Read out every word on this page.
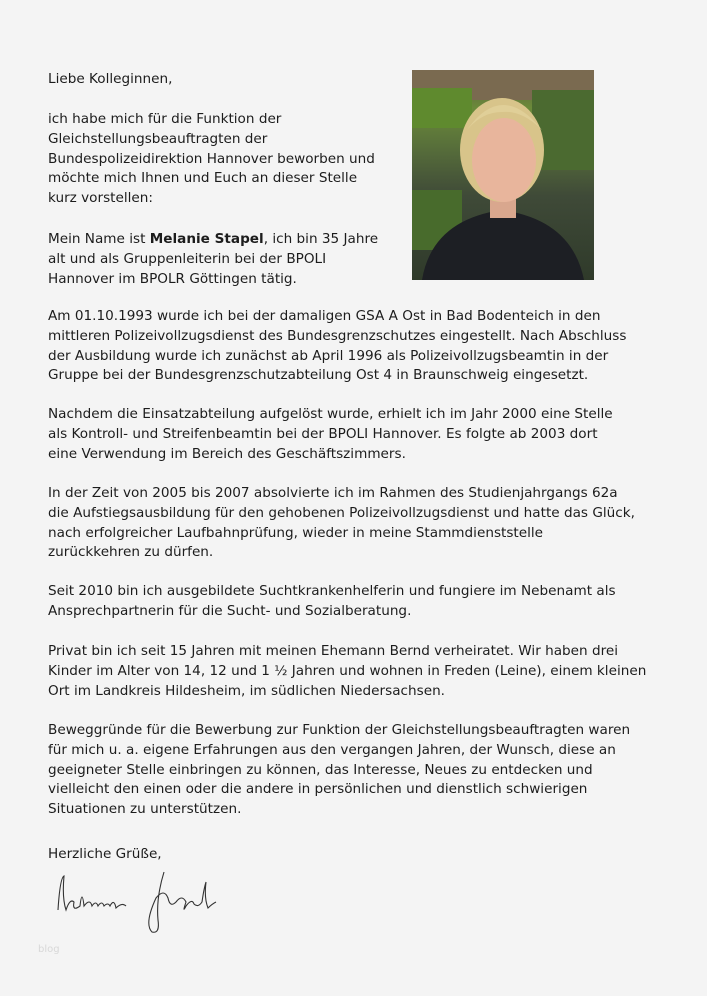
Liebe Kolleginnen,
ich habe mich für die Funktion der
Gleichstellungsbeauftragten der
Bundespolizeidirektion Hannover beworben und
möchte mich Ihnen und Euch an dieser Stelle
kurz vorstellen:
Mein Name ist Melanie Stapel, ich bin 35 Jahre
alt und als Gruppenleiterin bei der BPOLI
Hannover im BPOLR Göttingen tätig.
Am 01.10.1993 wurde ich bei der damaligen GSA A Ost in Bad Bodenteich in den
mittleren Polizeivollzugsdienst des Bundesgrenzschutzes eingestellt. Nach Abschluss
der Ausbildung wurde ich zunächst ab April 1996 als Polizeivollzugsbeamtin in der
Gruppe bei der Bundesgrenzschutzabteilung Ost 4 in Braunschweig eingesetzt.
Nachdem die Einsatzabteilung aufgelöst wurde, erhielt ich im Jahr 2000 eine Stelle
als Kontroll- und Streifenbeamtin bei der BPOLI Hannover. Es folgte ab 2003 dort
eine Verwendung im Bereich des Geschäftszimmers.
In der Zeit von 2005 bis 2007 absolvierte ich im Rahmen des Studienjahrgangs 62a
die Aufstiegsausbildung für den gehobenen Polizeivollzugsdienst und hatte das Glück,
nach erfolgreicher Laufbahnprüfung, wieder in meine Stammdienststelle
zurückkehren zu dürfen.
Seit 2010 bin ich ausgebildete Suchtkrankenhelferin und fungiere im Nebenamt als
Ansprechpartnerin für die Sucht- und Sozialberatung.
Privat bin ich seit 15 Jahren mit meinen Ehemann Bernd verheiratet. Wir haben drei
Kinder im Alter von 14, 12 und 1 ½ Jahren und wohnen in Freden (Leine), einem kleinen
Ort im Landkreis Hildesheim, im südlichen Niedersachsen.
Beweggründe für die Bewerbung zur Funktion der Gleichstellungsbeauftragten waren
für mich u. a. eigene Erfahrungen aus den vergangen Jahren, der Wunsch, diese an
geeigneter Stelle einbringen zu können, das Interesse, Neues zu entdecken und
vielleicht den einen oder die andere in persönlichen und dienstlich schwierigen
Situationen zu unterstützen.
Herzliche Grüße,
blog
